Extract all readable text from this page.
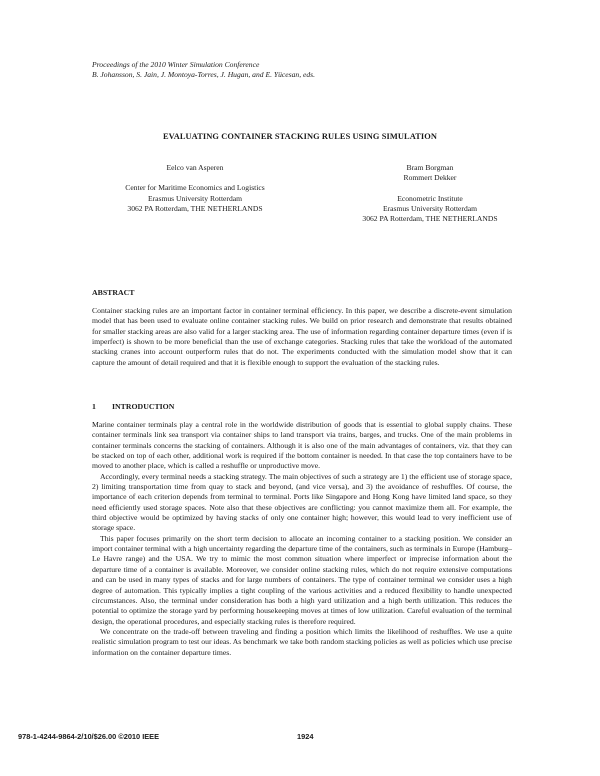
Proceedings of the 2010 Winter Simulation Conference
B. Johansson, S. Jain, J. Montoya-Torres, J. Hugan, and E. Yücesan, eds.
EVALUATING CONTAINER STACKING RULES USING SIMULATION
Eelco van Asperen
Center for Maritime Economics and Logistics
Erasmus University Rotterdam
3062 PA Rotterdam, THE NETHERLANDS
Bram Borgman
Rommert Dekker
Econometric Institute
Erasmus University Rotterdam
3062 PA Rotterdam, THE NETHERLANDS
ABSTRACT

Container stacking rules are an important factor in container terminal efficiency. In this paper, we describe a discrete-event simulation model that has been used to evaluate online container stacking rules. We build on prior research and demonstrate that results obtained for smaller stacking areas are also valid for a larger stacking area. The use of information regarding container departure times (even if is imperfect) is shown to be more beneficial than the use of exchange categories. Stacking rules that take the workload of the automated stacking cranes into account outperform rules that do not. The experiments conducted with the simulation model show that it can capture the amount of detail required and that it is flexible enough to support the evaluation of the stacking rules.

1 INTRODUCTION

Marine container terminals play a central role in the worldwide distribution of goods that is essential to global supply chains. These container terminals link sea transport via container ships to land transport via trains, barges, and trucks. One of the main problems in container terminals concerns the stacking of containers. Although it is also one of the main advantages of containers, viz. that they can be stacked on top of each other, additional work is required if the bottom container is needed. In that case the top containers have to be moved to another place, which is called a reshuffle or unproductive move.

Accordingly, every terminal needs a stacking strategy. The main objectives of such a strategy are 1) the efficient use of storage space, 2) limiting transportation time from quay to stack and beyond, (and vice versa), and 3) the avoidance of reshuffles. Of course, the importance of each criterion depends from terminal to terminal. Ports like Singapore and Hong Kong have limited land space, so they need efficiently used storage spaces. Note also that these objectives are conflicting: you cannot maximize them all. For example, the third objective would be optimized by having stacks of only one container high; however, this would lead to very inefficient use of storage space.

This paper focuses primarily on the short term decision to allocate an incoming container to a stacking position. We consider an import container terminal with a high uncertainty regarding the departure time of the containers, such as terminals in Europe (Hamburg–Le Havre range) and the USA. We try to mimic the most common situation where imperfect or imprecise information about the departure time of a container is available. Moreover, we consider online stacking rules, which do not require extensive computations and can be used in many types of stacks and for large numbers of containers. The type of container terminal we consider uses a high degree of automation. This typically implies a tight coupling of the various activities and a reduced flexibility to handle unexpected circumstances. Also, the terminal under consideration has both a high yard utilization and a high berth utilization. This reduces the potential to optimize the storage yard by performing housekeeping moves at times of low utilization. Careful evaluation of the terminal design, the operational procedures, and especially stacking rules is therefore required.

We concentrate on the trade-off between traveling and finding a position which limits the likelihood of reshuffles. We use a quite realistic simulation program to test our ideas. As benchmark we take both random stacking policies as well as policies which use precise information on the container departure times.

978-1-4244-9864-2/10/$26.00 ©2010 IEEE	1924
